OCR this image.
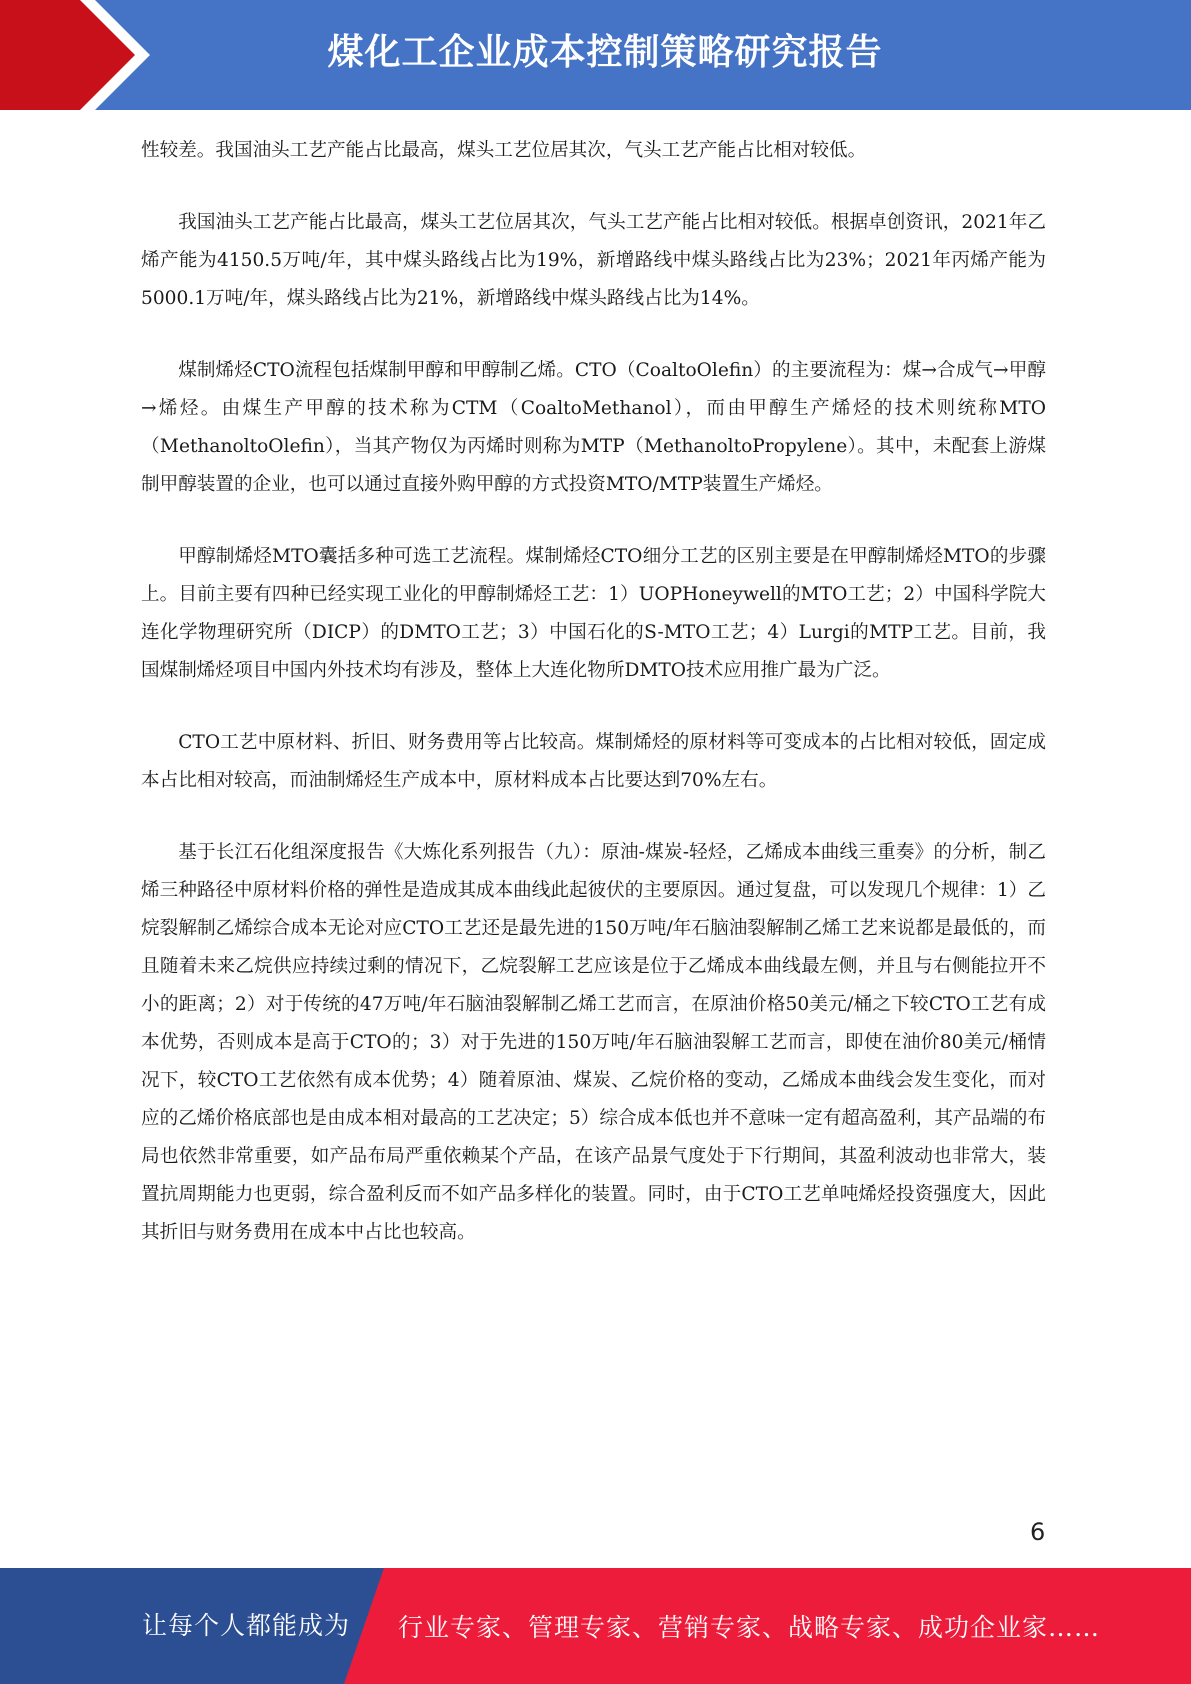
煤化工企业成本控制策略研究报告

性较差。我国油头工艺产能占比最高，煤头工艺位居其次，气头工艺产能占比相对较低。

我国油头工艺产能占比最高，煤头工艺位居其次，气头工艺产能占比相对较低。根据卓创资讯，2021年乙烯产能为4150.5万吨/年，其中煤头路线占比为19%，新增路线中煤头路线占比为23%；2021年丙烯产能为5000.1万吨/年，煤头路线占比为21%，新增路线中煤头路线占比为14%。

煤制烯烃CTO流程包括煤制甲醇和甲醇制乙烯。CTO（CoaltoOlefin）的主要流程为：煤→合成气→甲醇→烯烃。由煤生产甲醇的技术称为CTM（CoaltoMethanol），而由甲醇生产烯烃的技术则统称MTO（MethanoltoOlefin），当其产物仅为丙烯时则称为MTP（MethanoltoPropylene）。其中，未配套上游煤制甲醇装置的企业，也可以通过直接外购甲醇的方式投资MTO/MTP装置生产烯烃。

甲醇制烯烃MTO囊括多种可选工艺流程。煤制烯烃CTO细分工艺的区别主要是在甲醇制烯烃MTO的步骤上。目前主要有四种已经实现工业化的甲醇制烯烃工艺：1）UOPHoneywell的MTO工艺；2）中国科学院大连化学物理研究所（DICP）的DMTO工艺；3）中国石化的S-MTO工艺；4）Lurgi的MTP工艺。目前，我国煤制烯烃项目中国内外技术均有涉及，整体上大连化物所DMTO技术应用推广最为广泛。

CTO工艺中原材料、折旧、财务费用等占比较高。煤制烯烃的原材料等可变成本的占比相对较低，固定成本占比相对较高，而油制烯烃生产成本中，原材料成本占比要达到70%左右。

基于长江石化组深度报告《大炼化系列报告（九）：原油-煤炭-轻烃，乙烯成本曲线三重奏》的分析，制乙烯三种路径中原材料价格的弹性是造成其成本曲线此起彼伏的主要原因。通过复盘，可以发现几个规律：1）乙烷裂解制乙烯综合成本无论对应CTO工艺还是最先进的150万吨/年石脑油裂解制乙烯工艺来说都是最低的，而且随着未来乙烷供应持续过剩的情况下，乙烷裂解工艺应该是位于乙烯成本曲线最左侧，并且与右侧能拉开不小的距离；2）对于传统的47万吨/年石脑油裂解制乙烯工艺而言，在原油价格50美元/桶之下较CTO工艺有成本优势，否则成本是高于CTO的；3）对于先进的150万吨/年石脑油裂解工艺而言，即使在油价80美元/桶情况下，较CTO工艺依然有成本优势；4）随着原油、煤炭、乙烷价格的变动，乙烯成本曲线会发生变化，而对应的乙烯价格底部也是由成本相对最高的工艺决定；5）综合成本低也并不意味一定有超高盈利，其产品端的布局也依然非常重要，如产品布局严重依赖某个产品，在该产品景气度处于下行期间，其盈利波动也非常大，装置抗周期能力也更弱，综合盈利反而不如产品多样化的装置。同时，由于CTO工艺单吨烯烃投资强度大，因此其折旧与财务费用在成本中占比也较高。

6
让每个人都能成为 行业专家、管理专家、营销专家、战略专家、成功企业家……
